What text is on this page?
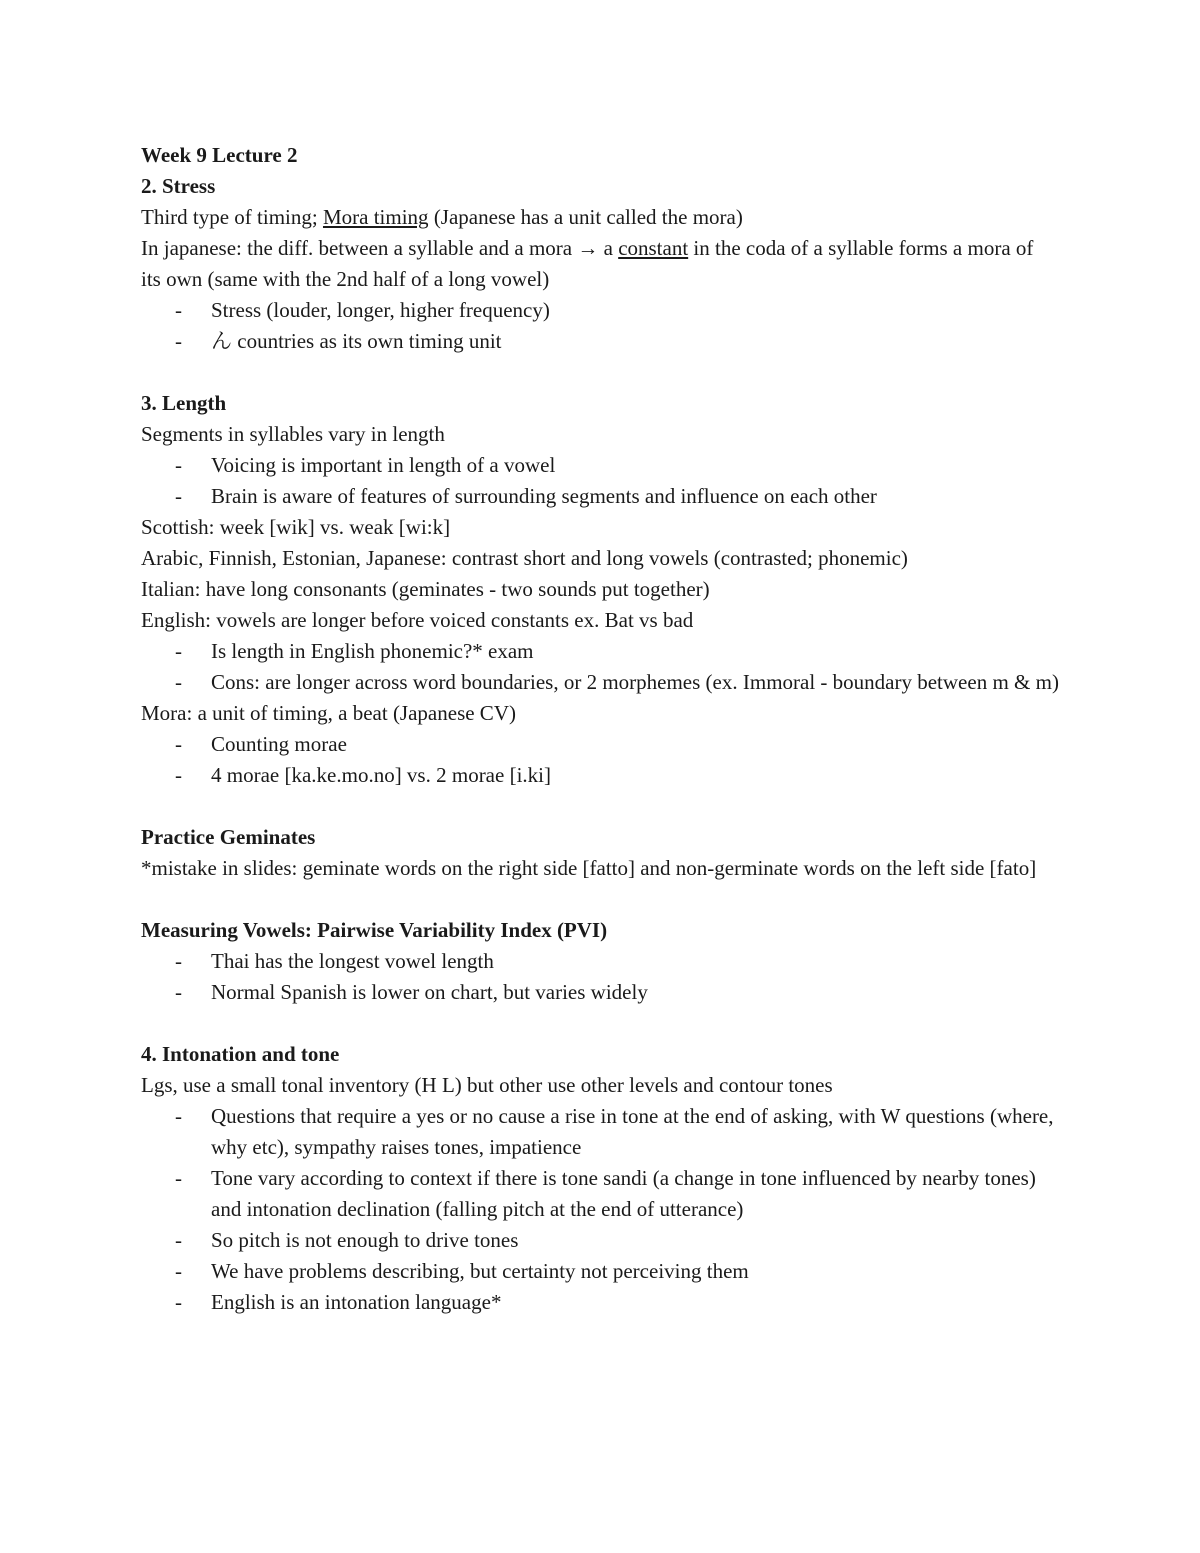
Week 9 Lecture 2

2. Stress

Third type of timing; Mora timing (Japanese has a unit called the mora)

In japanese: the diff. between a syllable and a mora → a constant in the coda of a syllable forms a mora of its own (same with the 2nd half of a long vowel)

-	Stress (louder, longer, higher frequency)
-	ん countries as its own timing unit

3. Length

Segments in syllables vary in length

-	Voicing is important in length of a vowel
-	Brain is aware of features of surrounding segments and influence on each other

Scottish: week [wik] vs. weak [wi:k]

Arabic, Finnish, Estonian, Japanese: contrast short and long vowels (contrasted; phonemic)

Italian: have long consonants (geminates - two sounds put together)

English: vowels are longer before voiced constants ex. Bat vs bad

-	Is length in English phonemic?* exam
-	Cons: are longer across word boundaries, or 2 morphemes (ex. Immoral - boundary between m & m)

Mora: a unit of timing, a beat (Japanese CV)

-	Counting morae
-	4 morae [ka.ke.mo.no] vs. 2 morae [i.ki]

Practice Geminates

*mistake in slides: geminate words on the right side [fatto] and non-germinate words on the left side [fato]

Measuring Vowels: Pairwise Variability Index (PVI)

-	Thai has the longest vowel length
-	Normal Spanish is lower on chart, but varies widely

4. Intonation and tone

Lgs, use a small tonal inventory (H L) but other use other levels and contour tones

-	Questions that require a yes or no cause a rise in tone at the end of asking, with W questions (where, why etc), sympathy raises tones, impatience
-	Tone vary according to context if there is tone sandi (a change in tone influenced by nearby tones) and intonation declination (falling pitch at the end of utterance)
-	So pitch is not enough to drive tones
-	We have problems describing, but certainty not perceiving them
-	English is an intonation language*
